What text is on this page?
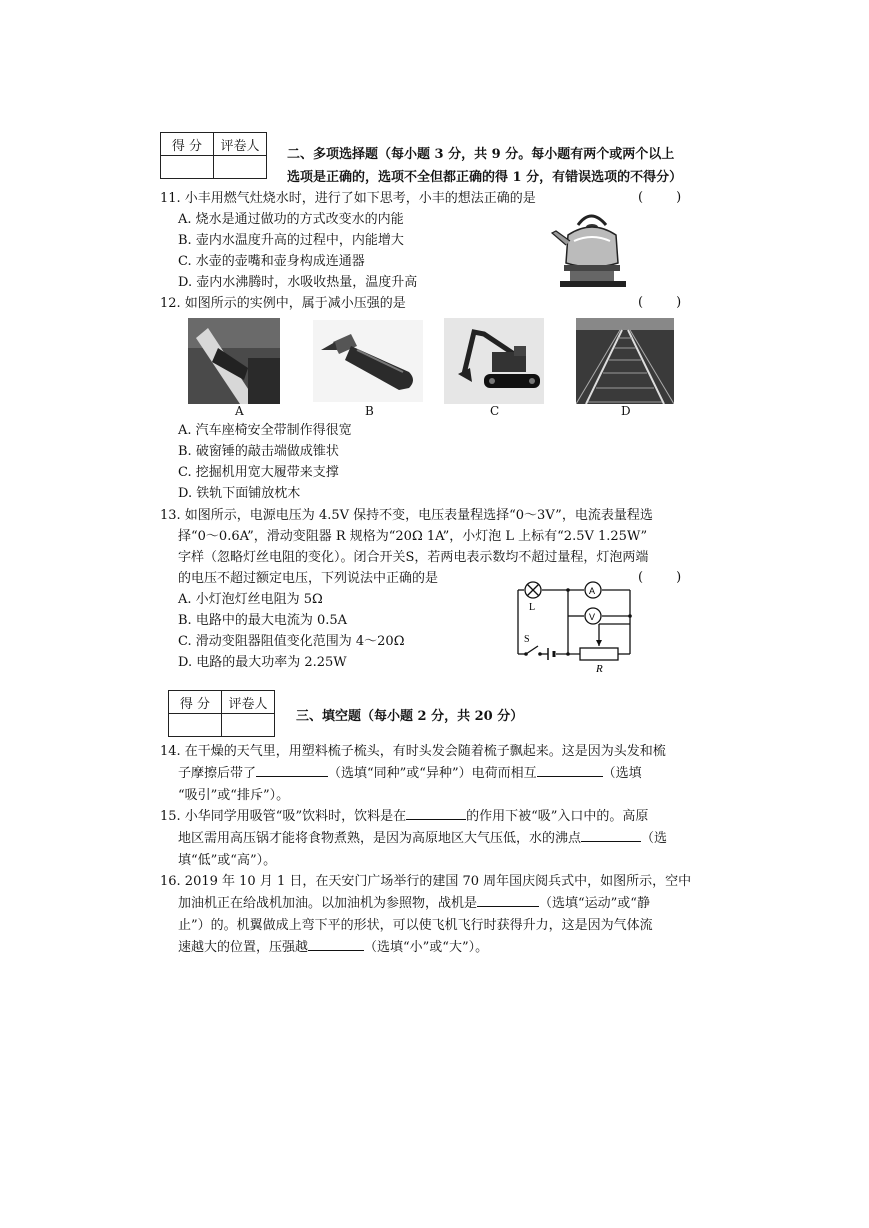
得 分	评卷人

二、多项选择题（每小题 3 分，共 9 分。每小题有两个或两个以上
选项是正确的，选项不全但都正确的得 1 分，有错误选项的不得分）
11. 小丰用燃气灶烧水时，进行了如下思考，小丰的想法正确的是	(        )
A. 烧水是通过做功的方式改变水的内能
B. 壶内水温度升高的过程中，内能增大
C. 水壶的壶嘴和壶身构成连通器
D. 壶内水沸腾时，水吸收热量，温度升高
12. 如图所示的实例中，属于减小压强的是	(        )
A	B	C	D
A. 汽车座椅安全带制作得很宽
B. 破窗锤的敲击端做成锥状
C. 挖掘机用宽大履带来支撑
D. 铁轨下面铺放枕木
13. 如图所示，电源电压为 4.5V 保持不变，电压表量程选择“0～3V”，电流表量程选
择“0～0.6A”，滑动变阻器 R 规格为“20Ω 1A”，小灯泡 L 上标有“2.5V 1.25W”
字样（忽略灯丝电阻的变化）。闭合开关S，若两电表示数均不超过量程，灯泡两端
的电压不超过额定电压，下列说法中正确的是	(        )
A. 小灯泡灯丝电阻为 5Ω
B. 电路中的最大电流为 0.5A
C. 滑动变阻器阻值变化范围为 4～20Ω
D. 电路的最大功率为 2.25W
L
A
V
S
R
得 分	评卷人

三、填空题（每小题 2 分，共 20 分）
14. 在干燥的天气里，用塑料梳子梳头，有时头发会随着梳子飘起来。这是因为头发和梳
子摩擦后带了	（选填“同种”或“异种”）电荷而相互	（选填
“吸引”或“排斥”）。
15. 小华同学用吸管“吸”饮料时，饮料是在	的作用下被“吸”入口中的。高原
地区需用高压锅才能将食物煮熟，是因为高原地区大气压低，水的沸点	（选
填“低”或“高”）。
16. 2019 年 10 月 1 日，在天安门广场举行的建国 70 周年国庆阅兵式中，如图所示，空中
加油机正在给战机加油。以加油机为参照物，战机是	（选填“运动”或“静
止”）的。机翼做成上弯下平的形状，可以使飞机飞行时获得升力，这是因为气体流
速越大的位置，压强越	（选填“小”或“大”）。
